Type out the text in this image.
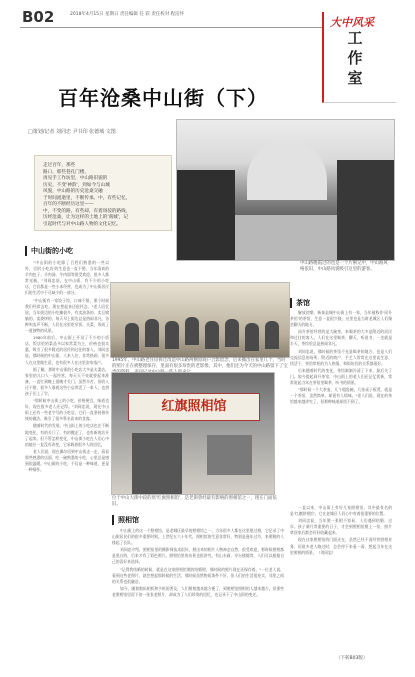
B02	2018年4月15日 星期日 责任编辑 任 彩 责任校对 程洁怀
大中风采
工作室
百年沧桑中山街（下）
□策划/记者 刘同忠 尹书印 张德城 文图
走过百年，那些
路口，那些巷孔门楼，
再见手工作坊里，中山路旧貌的
历史，不变'神韵'，到如今与山城
风貌，中山路的历史沧桑交融
于时间流逝里，不断传承。中，有些记忆，
百年的不断经历这里——
中，不变的路，有些却，有着斑驳的路线，
历经沧桑，让为这样的土地上的'商城'，记
引起时代与对中山路人物的文化记忆。
中山路晚霞过的也是一个片断记中，中山路风格依旧，中山路风貌吸引这里的游客。
中山街的小吃

"中山街的小吃除了百姓们熟悉的一些以外，'回民小吃店'的生意也一直不错，当年清真的羊肉包子、羊肉汤、牛肉面等很受欢迎，很多人都常光顾。"刘同忠说，在中山街，有不少的小吃店，它们都是一些小本经营，也成为了中山街居民们的生活中不可缺少的一部分。

"中山街有一家饺子馆，口味不错，那个时候我们经常去吃，现在想起来还很怀念。"老人回忆说，当年街边的小吃摊很多，有卖油条的、卖豆腐脑的、卖烧饼的，每天早上街边总是热闹非凡，各种叫卖声不断，人们在这里吃早饭、买菜，形成了一道独特的风景。

1980年前后，中山街上开设了不少的小饭店，饭店里的菜品多以家常菜为主，价格也很实惠，吸引了很多附近的居民和过往的客人。刘同忠说，那时候的中山街，人来人往，非常热闹，很多人在这里做生意，也有很多人在这里安家落户。

据了解，那时中山街的小吃店大多是夫妻店，家里的几口人一起经营，每天天不亮就要起来准备，一直忙到晚上很晚才关门。虽然辛苦，但收入还不错，很多人靠着这些小店养活了一家人，也供孩子们上了学。

"那时候中山街上的小吃，价格便宜，味道也好，现在很多老人还记得。"刘同忠说，现在中山街上还有一些老字号的小吃店，它们一直坚持着传统的做法，吸引了很多慕名而来的食客。

随着时代的发展，中山街上的小吃店也在不断地变化，有的关门了，有的搬走了，也有新的店开了起来。但不管怎样变化，中山街小吃在人们心中的地位一直没有改变，它承载着很多人的回忆。

老人们说，现在偶尔回到中山街走一走，看看那些熟悉的店面，吃一碗熟悉的小吃，心里总是感到很温暖。中山街的小吃，不仅是一种味道，更是一种情怀。

1995年，中山路老住房拆迁改造中山路两侧原商户合影留念，后来搬出在家里几个，当时的照片正在被整理保存，里面有很多珍贵的老影像，其中，他们还为今天的中山路留下了宝
茶馆

解放初期，新泰县城中山街上有一家，当年被称作'同升茶馆'的茶馆，生意一直很兴隆，这里也是当时老城区人们聚会聊天的地方。

同升茶馆经营的是大碗茶，来喝茶的大多是附近的居民和过往的客人。人们在这里喝茶、聊天、听说书，一坐就是半天，茶馆里总是热闹非凡。

刘同忠说，那时候的茶馆不光是喝茶的地方，也是人们交流信息的场所，附近的商户、手艺人常常在这里谈生意、找活干，茶馆掌柜的为人热情，和街坊们的关系都很好。

后来随着时代的变化，茶馆渐渐冷清了下来，最后关了门。如今提起同升茶馆，中山街上的老人们还记忆犹新，常常说起当年在茶馆里喝茶、听书的情景。

"那时候一个大茶壶，几个粗瓷碗，几张桌子板凳，就是一个茶馆，虽然简单，却很有人情味。"老人们说，现在的茶馆越来越讲究了，但那种味道却找不到了。

红旗照相馆
位于中山大街中段的原'红旗照相馆'，是老街曾经最有影响的照相馆之一，现在门面依旧。
照相馆

中山街上的这一个照相馆，是老城区最早的照相馆之一，当年很多人都在这里照过相，它记录了中山街居民们的很多重要时刻。上世纪五六十年代，照相馆的生意非常好，特别是逢年过节，来照相的人排起了长队。

刘同忠介绍，照相馆里的摄影师技术很好，照出来的相片人物神态自然，很受欢迎。那时候照相都是黑白的，后来才有了彩色照片。照相馆里的布景也很讲究，有山水画、亭台楼阁等，人们可以根据自己的喜好来选择。

"记得我结婚的时候，就是在这家照相馆照的结婚照，那时候的照片现在还保存着。"一位老人说，看到这些老照片，就会想起那时候的生活，那时候虽然物质条件不好，但人们的生活很充实，邻里之间的关系也很融洽。

如今，随着数码相机和手机的普及，人们照相越来越方便了，到照相馆照相的人越来越少。但那些老照相馆里留下的一张张老照片，却成为了人们珍贵的回忆，也记录下了中山街的变迁。

一直以来，中山街上有好几家照相馆，其中最有名的是'红旗照相馆'，它在老城区人们心中有着很重要的位置。

刘同忠说，当年照一张相不容易，人们遇到结婚、过年、孩子满月等重要的日子，才会到照相馆照上一张，照片拿回家后都会好好收藏起来。

现在这家照相馆的门面还在，虽然已经不再经营照相业务，但很多老人路过时，总会停下来看一看，想起当年在这里照相的情景。（刘同忠）

（下转B03版）
